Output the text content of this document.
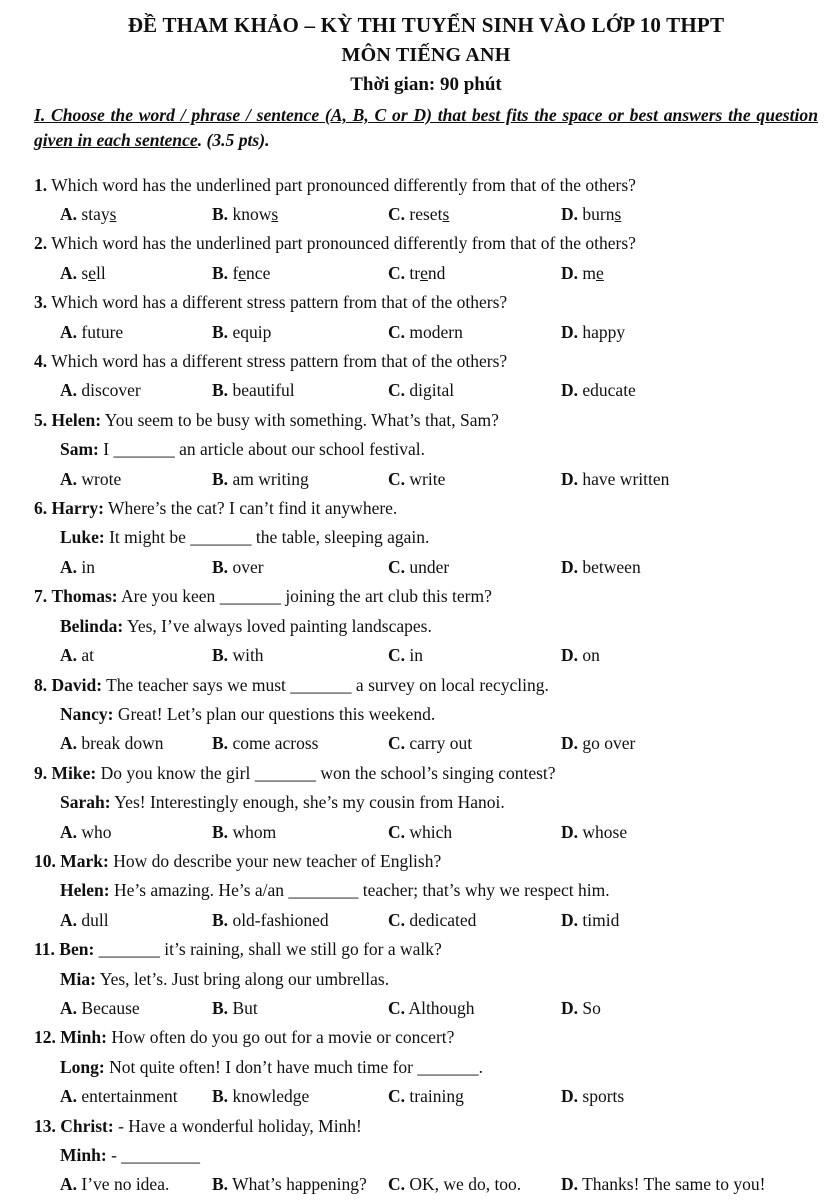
ĐỀ THAM KHẢO – KỲ THI TUYỂN SINH VÀO LỚP 10 THPT
MÔN TIẾNG ANH
Thời gian: 90 phút

I. Choose the word / phrase / sentence (A, B, C or D) that best fits the space or best answers the question given in each sentence. (3.5 pts).

1. Which word has the underlined part pronounced differently from that of the others?
A. stays	B. knows	C. resets	D. burns
2. Which word has the underlined part pronounced differently from that of the others?
A. sell	B. fence	C. trend	D. me
3. Which word has a different stress pattern from that of the others?
A. future	B. equip	C. modern	D. happy
4. Which word has a different stress pattern from that of the others?
A. discover	B. beautiful	C. digital	D. educate
5. Helen: You seem to be busy with something. What’s that, Sam?
Sam: I _______ an article about our school festival.
A. wrote	B. am writing	C. write	D. have written
6. Harry: Where’s the cat? I can’t find it anywhere.
Luke: It might be _______ the table, sleeping again.
A. in	B. over	C. under	D. between
7. Thomas: Are you keen _______ joining the art club this term?
Belinda: Yes, I’ve always loved painting landscapes.
A. at	B. with	C. in	D. on
8. David: The teacher says we must _______ a survey on local recycling.
Nancy: Great! Let’s plan our questions this weekend.
A. break down	B. come across	C. carry out	D. go over
9. Mike: Do you know the girl _______ won the school’s singing contest?
Sarah: Yes! Interestingly enough, she’s my cousin from Hanoi.
A. who	B. whom	C. which	D. whose
10. Mark: How do describe your new teacher of English?
Helen: He’s amazing. He’s a/an ________ teacher; that’s why we respect him.
A. dull	B. old-fashioned	C. dedicated	D. timid
11. Ben: _______ it’s raining, shall we still go for a walk?
Mia: Yes, let’s. Just bring along our umbrellas.
A. Because	B. But	C. Although	D. So
12. Minh: How often do you go out for a movie or concert?
Long: Not quite often! I don’t have much time for _______.
A. entertainment	B. knowledge	C. training	D. sports
13. Christ: - Have a wonderful holiday, Minh!
Minh: - _________
A. I’ve no idea.	B. What’s happening?	C. OK, we do, too.	D. Thanks! The same to you!
